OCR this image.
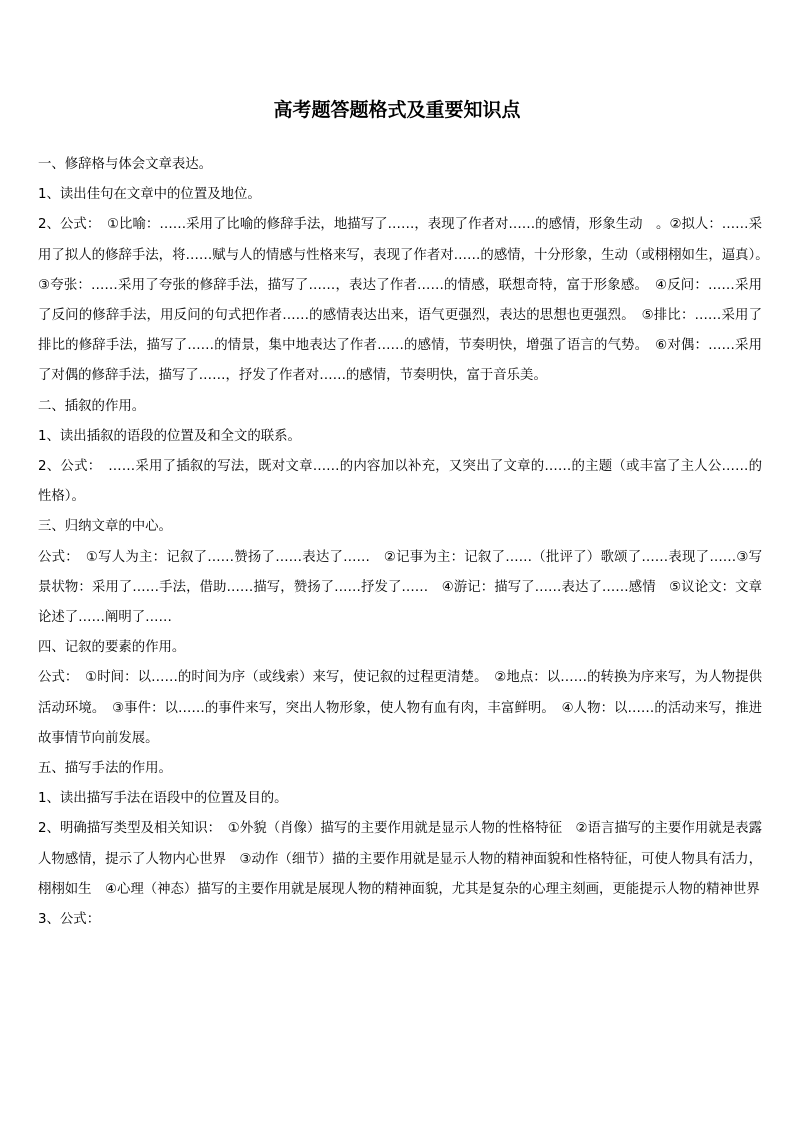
高考题答题格式及重要知识点

一、修辞格与体会文章表达。

1、读出佳句在文章中的位置及地位。

2、公式：　①比喻：……采用了比喻的修辞手法，地描写了……，表现了作者对……的感情，形象生动　。②拟人：……采用了拟人的修辞手法，将……赋与人的情感与性格来写，表现了作者对……的感情，十分形象，生动（或栩栩如生，逼真）。　③夸张：……采用了夸张的修辞手法，描写了……，表达了作者……的情感，联想奇特，富于形象感。　④反问：……采用了反问的修辞手法，用反问的句式把作者……的感情表达出来，语气更强烈，表达的思想也更强烈。　⑤排比：……采用了排比的修辞手法，描写了……的情景，集中地表达了作者……的感情，节奏明快，增强了语言的气势。　⑥对偶：……采用了对偶的修辞手法，描写了……，抒发了作者对……的感情，节奏明快，富于音乐美。

二、插叙的作用。

1、读出插叙的语段的位置及和全文的联系。

2、公式：　……采用了插叙的写法，既对文章……的内容加以补充，又突出了文章的……的主题（或丰富了主人公……的性格）。

三、归纳文章的中心。

公式：　①写人为主：记叙了……赞扬了……表达了……　②记事为主：记叙了……（批评了）歌颂了……表现了……③写景状物：采用了……手法，借助……描写，赞扬了……抒发了……　④游记：描写了……表达了……感情　⑤议论文：文章论述了……阐明了……

四、记叙的要素的作用。

公式：　①时间：以……的时间为序（或线索）来写，使记叙的过程更清楚。　②地点：以……的转换为序来写，为人物提供活动环境。　③事件：以……的事件来写，突出人物形象，使人物有血有肉，丰富鲜明。　④人物：以……的活动来写，推进故事情节向前发展。

五、描写手法的作用。

1、读出描写手法在语段中的位置及目的。

2、明确描写类型及相关知识：　①外貌（肖像）描写的主要作用就是显示人物的性格特征　②语言描写的主要作用就是表露人物感情，提示了人物内心世界　③动作（细节）描的主要作用就是显示人物的精神面貌和性格特征，可使人物具有活力，栩栩如生　④心理（神态）描写的主要作用就是展现人物的精神面貌，尤其是复杂的心理主刻画，更能提示人物的精神世界

3、公式：
